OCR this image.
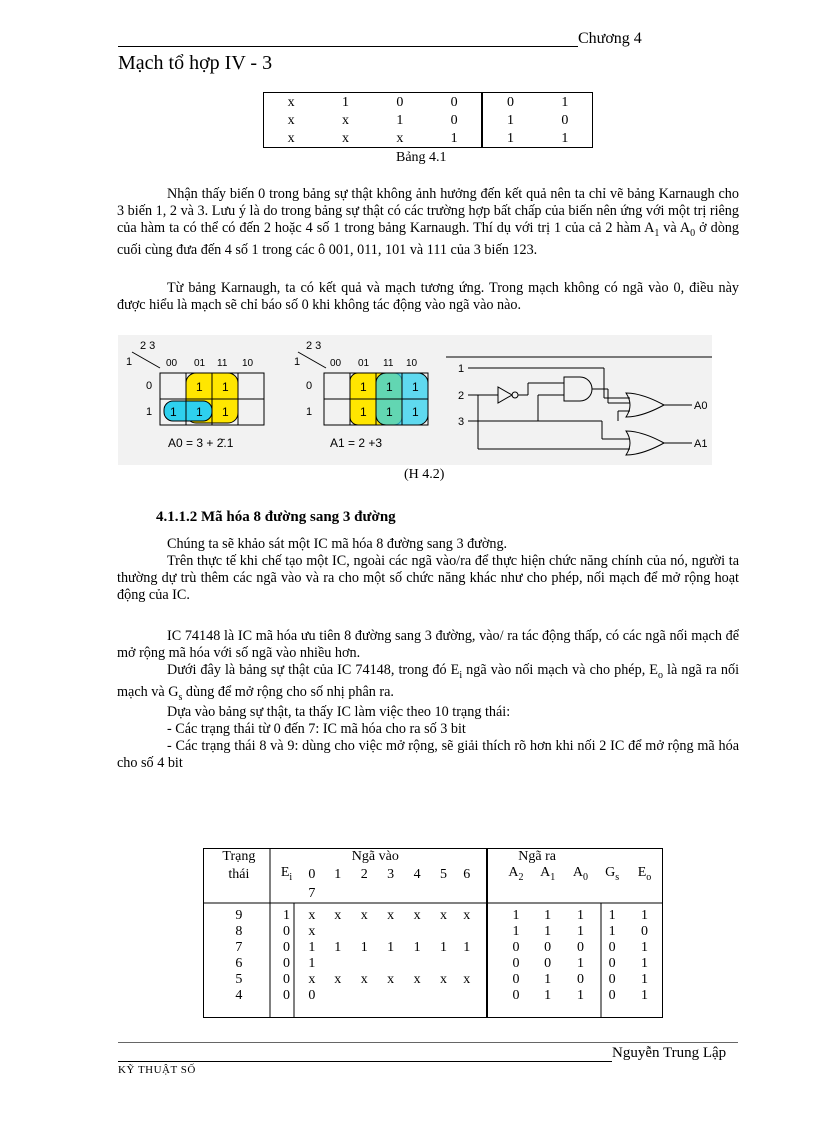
Chương 4
Mạch tổ hợp IV - 3
x	1	0	0	0	1
x	x	1	0	1	0
x	x	x	1	1	1
Bảng 4.1

Nhận thấy biến 0 trong bảng sự thật không ảnh hưởng đến kết quả nên ta chỉ vẽ bảng Karnaugh cho 3 biến 1, 2 và 3. Lưu ý là do trong bảng sự thật có các trường hợp bất chấp của biến nên ứng với một trị riêng của hàm ta có thể có đến 2 hoặc 4 số 1 trong bảng Karnaugh. Thí dụ với trị 1 của cả 2 hàm $A_1$ và $A_0$ ở dòng cuối cùng đưa đến 4 số 1 trong các ô 001, 011, 101 và 111 của 3 biến 123.

Từ bảng Karnaugh, ta có kết quả và mạch tương ứng. Trong mạch không có ngã vào 0, điều này được hiểu là mạch sẽ chỉ báo số 0 khi không tác động vào ngã vào nào.

2 3
1	00 01 11 10
0
1
1 1
1 1 1
A0 = 3 + 2̄.1
2 3
1	00 01 11 10
0
1
1 1 1
1 1 1
A1 = 2 +3
1
2
3
A0
A1
(H 4.2)
4.1.1.2 Mã hóa 8 đường sang 3 đường
Chúng ta sẽ khảo sát một IC mã hóa 8 đường sang 3 đường.

Trên thực tế khi chế tạo một IC, ngoài các ngã vào/ra để thực hiện chức năng chính của nó, người ta thường dự trù thêm các ngã vào và ra cho một số chức năng khác như cho phép, nối mạch để mở rộng hoạt động của IC.

IC 74148 là IC mã hóa ưu tiên 8 đường sang 3 đường, vào/ ra tác động thấp, có các ngã nối mạch để mở rộng mã hóa với số ngã vào nhiều hơn.

Dưới đây là bảng sự thật của IC 74148, trong đó $E_i$ ngã vào nối mạch và cho phép, $E_o$ là ngã ra nối mạch và $G_s$ dùng để mở rộng cho số nhị phân ra.

Dựa vào bảng sự thật, ta thấy IC làm việc theo 10 trạng thái:
- Các trạng thái từ 0 đến 7: IC mã hóa cho ra số 3 bit

- Các trạng thái 8 và 9: dùng cho việc mở rộng, sẽ giải thích rõ hơn khi nối 2 IC để mở rộng mã hóa cho số 4 bit

Trạng	Ngã vào								Ngã ra					
thái	$E_i$	0	1	2	3	4	5	6		$A_2$	$A_1$	$A_0$	$G_s$	$E_o$
		7												

9	1	x	x	x	x	x	x	x		1	1	1	1	1
8	0	x								1	1	1	1	0
7	0	1	1	1	1	1	1	1		0	0	0	0	1
6	0	1								0	0	1	0	1
5	0	x	x	x	x	x	x	x		0	1	0	0	1
4	0	0								0	1	1	0	1
Nguyễn Trung Lập
KỸ THUẬT SỐ
